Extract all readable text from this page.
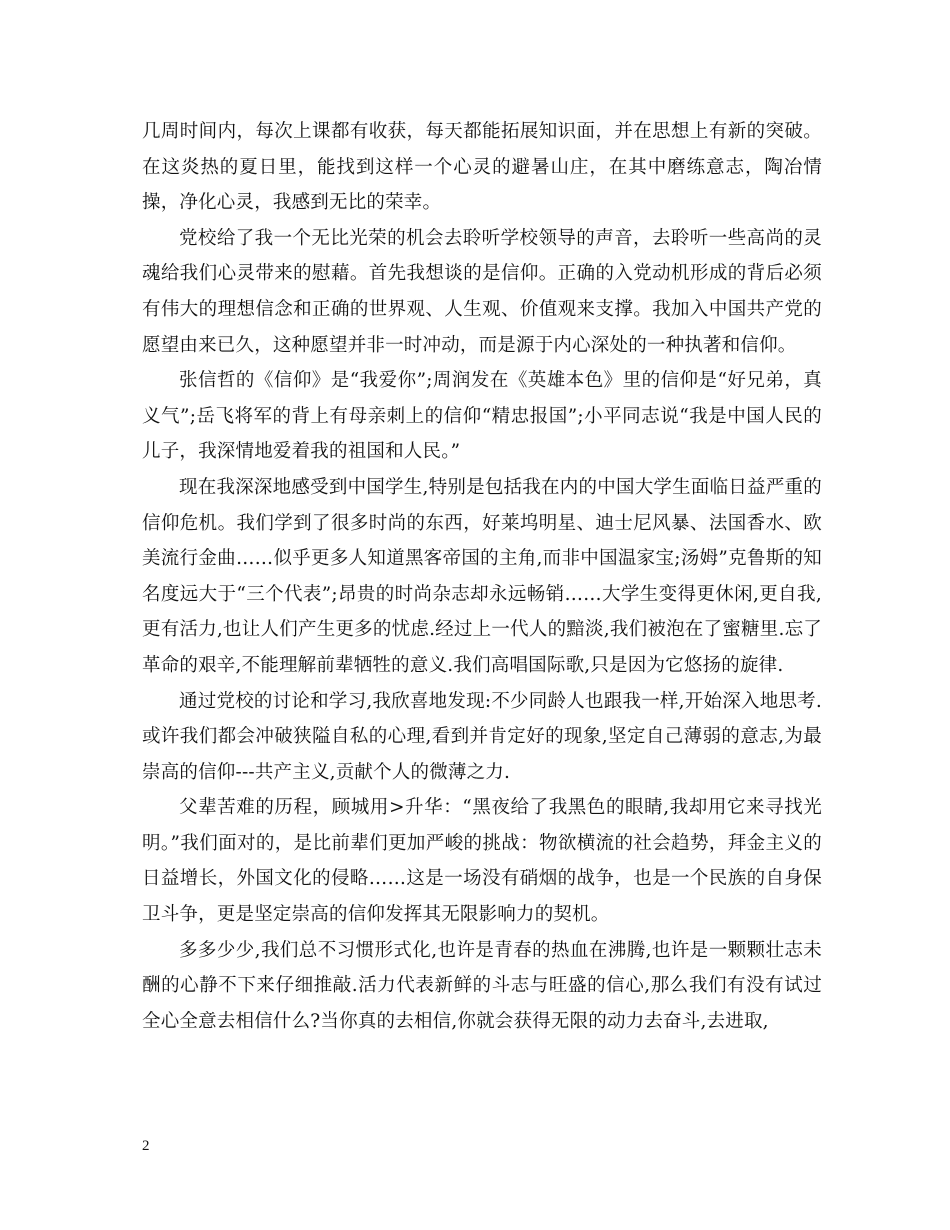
几周时间内，每次上课都有收获，每天都能拓展知识面，并在思想上有新的突破。在这炎热的夏日里，能找到这样一个心灵的避暑山庄，在其中磨练意志，陶冶情操，净化心灵，我感到无比的荣幸。

党校给了我一个无比光荣的机会去聆听学校领导的声音，去聆听一些高尚的灵魂给我们心灵带来的慰藉。首先我想谈的是信仰。正确的入党动机形成的背后必须有伟大的理想信念和正确的世界观、人生观、价值观来支撑。我加入中国共产党的愿望由来已久，这种愿望并非一时冲动，而是源于内心深处的一种执著和信仰。

张信哲的《信仰》是“我爱你”;周润发在《英雄本色》里的信仰是“好兄弟，真义气”;岳飞将军的背上有母亲刺上的信仰“精忠报国”;小平同志说“我是中国人民的儿子，我深情地爱着我的祖国和人民。”

现在我深深地感受到中国学生,特别是包括我在内的中国大学生面临日益严重的信仰危机。我们学到了很多时尚的东西，好莱坞明星、迪士尼风暴、法国香水、欧美流行金曲……似乎更多人知道黑客帝国的主角,而非中国温家宝;汤姆”克鲁斯的知名度远大于“三个代表”;昂贵的时尚杂志却永远畅销……大学生变得更休闲,更自我,更有活力,也让人们产生更多的忧虑.经过上一代人的黯淡,我们被泡在了蜜糖里.忘了革命的艰辛,不能理解前辈牺牲的意义.我们高唱国际歌,只是因为它悠扬的旋律.

通过党校的讨论和学习,我欣喜地发现:不少同龄人也跟我一样,开始深入地思考.或许我们都会冲破狭隘自私的心理,看到并肯定好的现象,坚定自己薄弱的意志,为最崇高的信仰---共产主义,贡献个人的微薄之力.

父辈苦难的历程，顾城用>升华：“黑夜给了我黑色的眼睛,我却用它来寻找光明。”我们面对的，是比前辈们更加严峻的挑战：物欲横流的社会趋势，拜金主义的日益增长，外国文化的侵略……这是一场没有硝烟的战争，也是一个民族的自身保卫斗争，更是坚定崇高的信仰发挥其无限影响力的契机。

多多少少,我们总不习惯形式化,也许是青春的热血在沸腾,也许是一颗颗壮志未酬的心静不下来仔细推敲.活力代表新鲜的斗志与旺盛的信心,那么我们有没有试过全心全意去相信什么?当你真的去相信,你就会获得无限的动力去奋斗,去进取,

2
